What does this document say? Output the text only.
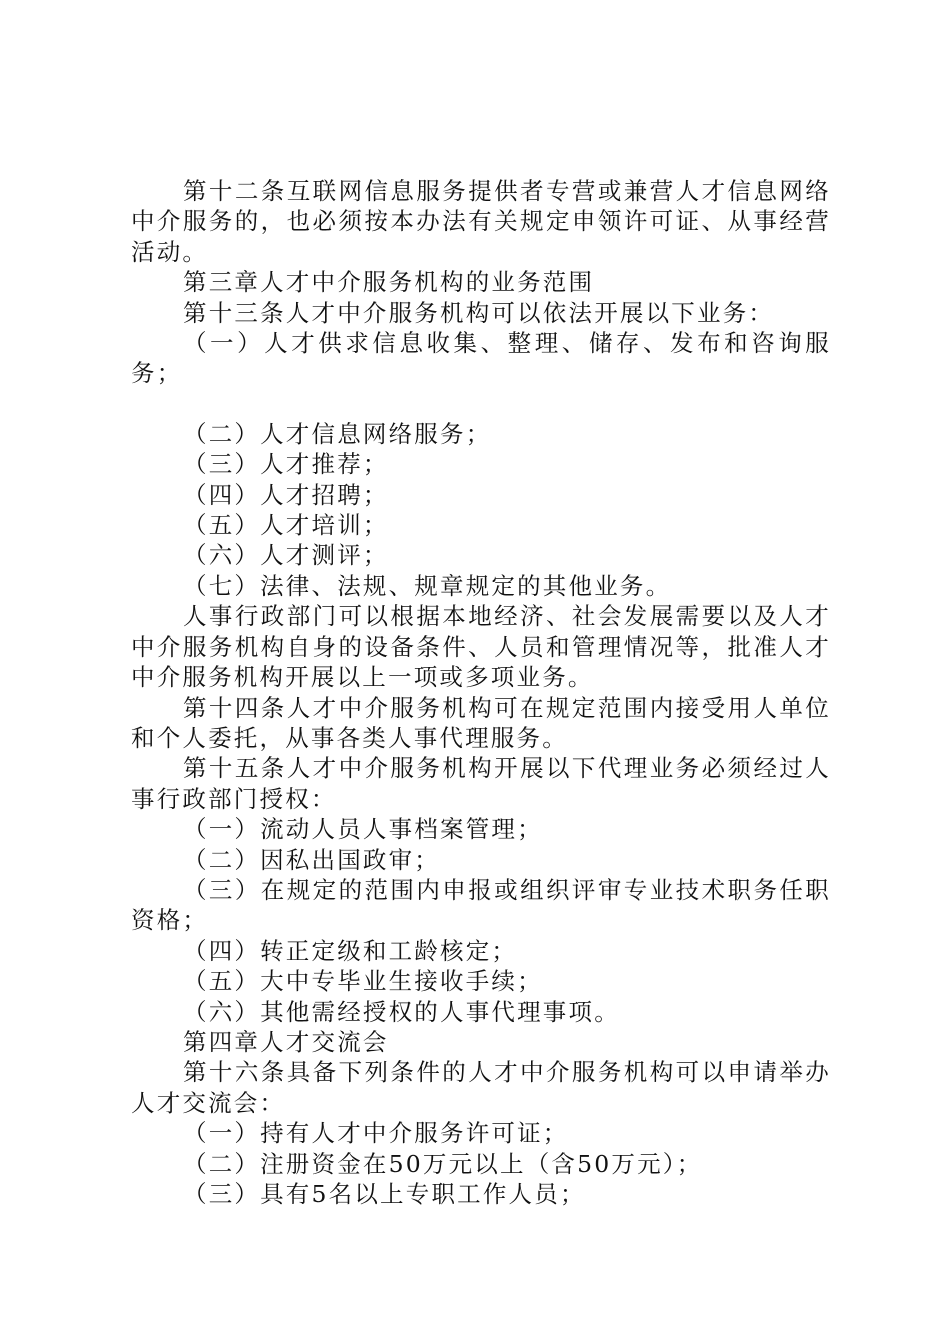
第十二条互联网信息服务提供者专营或兼营人才信息网络中介服务的，也必须按本办法有关规定申领许可证、从事经营活动。

第三章人才中介服务机构的业务范围

第十三条人才中介服务机构可以依法开展以下业务：

（一）人才供求信息收集、整理、储存、发布和咨询服务；

（二）人才信息网络服务；

（三）人才推荐；

（四）人才招聘；

（五）人才培训；

（六）人才测评；

（七）法律、法规、规章规定的其他业务。

人事行政部门可以根据本地经济、社会发展需要以及人才中介服务机构自身的设备条件、人员和管理情况等，批准人才中介服务机构开展以上一项或多项业务。

第十四条人才中介服务机构可在规定范围内接受用人单位和个人委托，从事各类人事代理服务。

第十五条人才中介服务机构开展以下代理业务必须经过人事行政部门授权：

（一）流动人员人事档案管理；

（二）因私出国政审；

（三）在规定的范围内申报或组织评审专业技术职务任职资格；

（四）转正定级和工龄核定；

（五）大中专毕业生接收手续；

（六）其他需经授权的人事代理事项。

第四章人才交流会

第十六条具备下列条件的人才中介服务机构可以申请举办人才交流会：

（一）持有人才中介服务许可证；

（二）注册资金在50万元以上（含50万元）；

（三）具有5名以上专职工作人员；
